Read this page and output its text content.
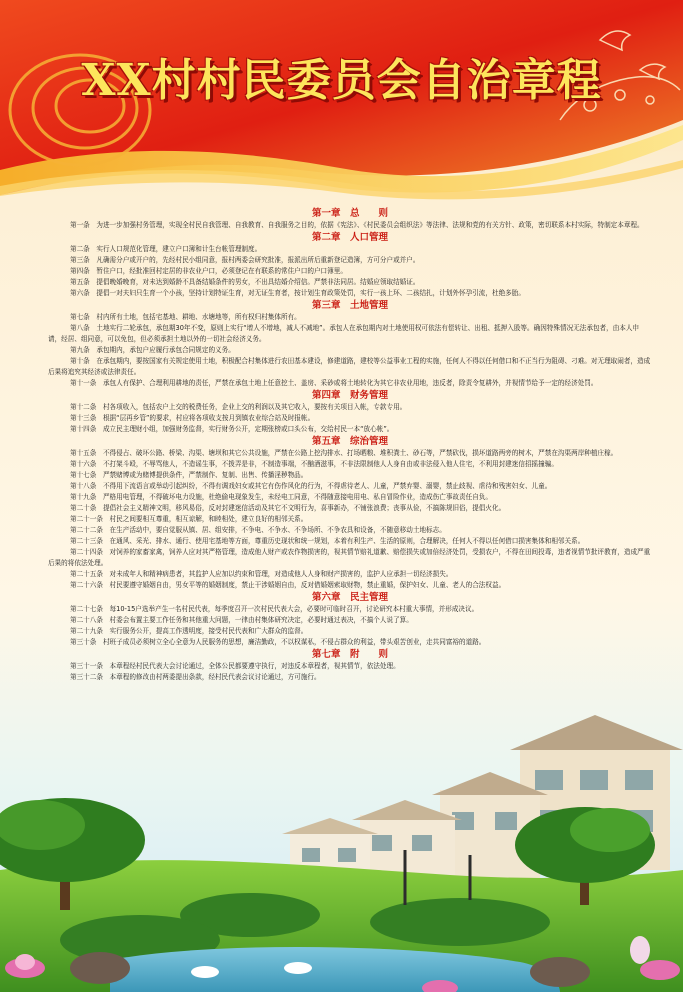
XX村村民委员会自治章程

第一章　总　　则

第一条　为进一步加强村务管理，实现全村民自我管理、自我教育、自我服务之目的，依据《宪法》、《村民委员会组织法》等法律、法规和党的有关方针、政策，密切联系本村实际，特制定本章程。

第二章　人口管理

第二条　实行人口规范化管理，建立户口簿和计生台帐管理制度。

第三条　凡确需分户或开户的，先经村民小组同意，报村两委会研究批准，报派出所后重新登记造簿，方可分户或并户。

第四条　暂住户口，经批准回村定居的非农业户口，必须登记在有联系的常住户口的户口簿里。

第五条　提倡晚婚晚育，对未达到婚龄不具备结婚条件的男女，不出具结婚介绍信。严禁非法同居。结婚应领取结婚证。

第六条　提倡一对夫妇只生育一个小孩，坚持计划特证生育，对无证生育者，按计划生育政策处罚，实行一孩上环、二孩结扎，计划外怀孕引流，杜绝多胎。

第三章　土地管理

第七条　村内所有土地，包括宅基地、耕地、水塘地等，所有权归村集体所有。

第八条　土地实行二轮承包，承包期30年不变，原则上实行“增人不增地，减人不减地”。承包人在承包期内对土地使用权可依法有偿转让、出租、抵押入股等。确因特殊情况无法承包者，由本人申请，经居、组同意，可以免包，但必须承担土地以外的一切社会经济义务。

第九条　承包期内，承包户应履行承包合同规定的义务。

第十条　在承包期内，要按国家有关规定使用土地，积极配合村集体进行农田基本建设，修建道路，建校等公益事业工程的实施，任何人不得以任何借口和不正当行为阻碍、刁难。对无理取闹者，造成后果将追究其经济或法律责任。

第十一条　承包人有保护、合理利用耕地的责任，严禁在承包土地上任意挖土、盖房、采砂或将土地转化为其它非农业用地，违反者，除责令复耕外，并视情节给予一定的经济处罚。

第四章　财务管理

第十二条　村各项收入，包括农户上交的税费任务，企业上交的利润以及其它收入，要按有关项目入帐，专款专用。

第十三条　根据“层再乡管”的要求，村应将各项收支按月到镇农业综合站及时报帐。

第十四条　成立民主理财小组，加强财务监督，实行财务公开，定期张榜或口头公布，交给村民一本“放心帐”。

第五章　综治管理

第十五条　不得侵占、破坏公路、桥梁、沟渠、塘坝和其它公共设施，严禁在公路上挖沟排水、打场晒粮、堆积粪土、砂石等，严禁砍伐，损坏道路两旁的树木，严禁在沟渠两岸种植庄稼。

第十六条　不打架斗殴，不辱骂他人，不造谣生事，不拨弄是非，不制造事端，不酗酒滋事，不非法限制他人人身自由或非法侵入他人住宅，不利用封建迷信招摇撞骗。

第十七条　严禁赌博或为赌博提供条件，严禁制作、复制、出售、传播淫秽物品。

第十八条　不得用下流语言或举动引起纠纷，不得有调戏妇女或其它有伤作风化的行为，不得虐待老人、儿童，严禁弃婴、溺婴，禁止歧视、虐待和残害妇女、儿童。

第十九条　严格用电管理，不得破坏电力设施，杜绝偷电现象发生，未经电工同意，不得随意接电用电、私自冒险作业，造成伤亡事故责任自负。

第二十条　提倡社会主义精神文明，移风易俗，反对封建迷信活动及其它不文明行为，喜事新办，不铺张浪费；丧事从俭，不搞陈规旧俗，提倡火化。

第二十一条　村民之间要相互尊重，相互谅解，和睦相处，建立良好的相邻关系。

第二十二条　在生产活动中，要自觉服从镇、居、组安排，不争电、不争水、不争场所、不争农具和设备，不随意移动土地标志。

第二十三条　在通风、采光、排水、通行、使用宅基地等方面，尊重历史现状和统一规划，本着有利生产、生活的原则，合理解决，任何人不得以任何借口损害集体和相邻关系。

第二十四条　对饲养的家畜家禽，饲养人应对其严格管理，造成他人财产或农作物损害的，视其情节赔礼道歉、赔偿损失或加倍经济处罚，受损农户，不得在田间投毒，违者视情节批评教育，造成严重后果的将依法处理。

第二十五条　对未成年人和精神病患者，其监护人应加以约束和管理，对造成他人人身和财产损害的，监护人应承担一切经济损失。

第二十六条　村民要遵守婚姻自由，男女平等的婚姻制度，禁止干涉婚姻自由，反对借婚姻索取财物，禁止重婚，保护妇女、儿童、老人的合法权益。

第六章　民主管理

第二十七条　每10-15户选举产生一名村民代表，每季度召开一次村民代表大会，必要时可临时召开，讨论研究本村重大事情，并形成决议。

第二十八条　村委会布置主要工作任务和其他重大问题，一律由村集体研究决定，必要时通过表决，不搞个人说了算。

第二十九条　实行服务公开，提高工作透明度，接受村民代表和广大群众的监督。

第三十条　村班子成员必须树立全心全意为人民服务的思想，廉洁勤政，不以权谋私，不侵占群众的利益，带头艰苦创业，走共同富裕的道路。

第七章　附　　则

第三十一条　本章程经村民代表大会讨论通过，全体公民都要遵守执行，对违反本章程者，视其情节，依法处理。

第三十二条　本章程的修改由村两委提出条款，经村民代表会议讨论通过，方可施行。
